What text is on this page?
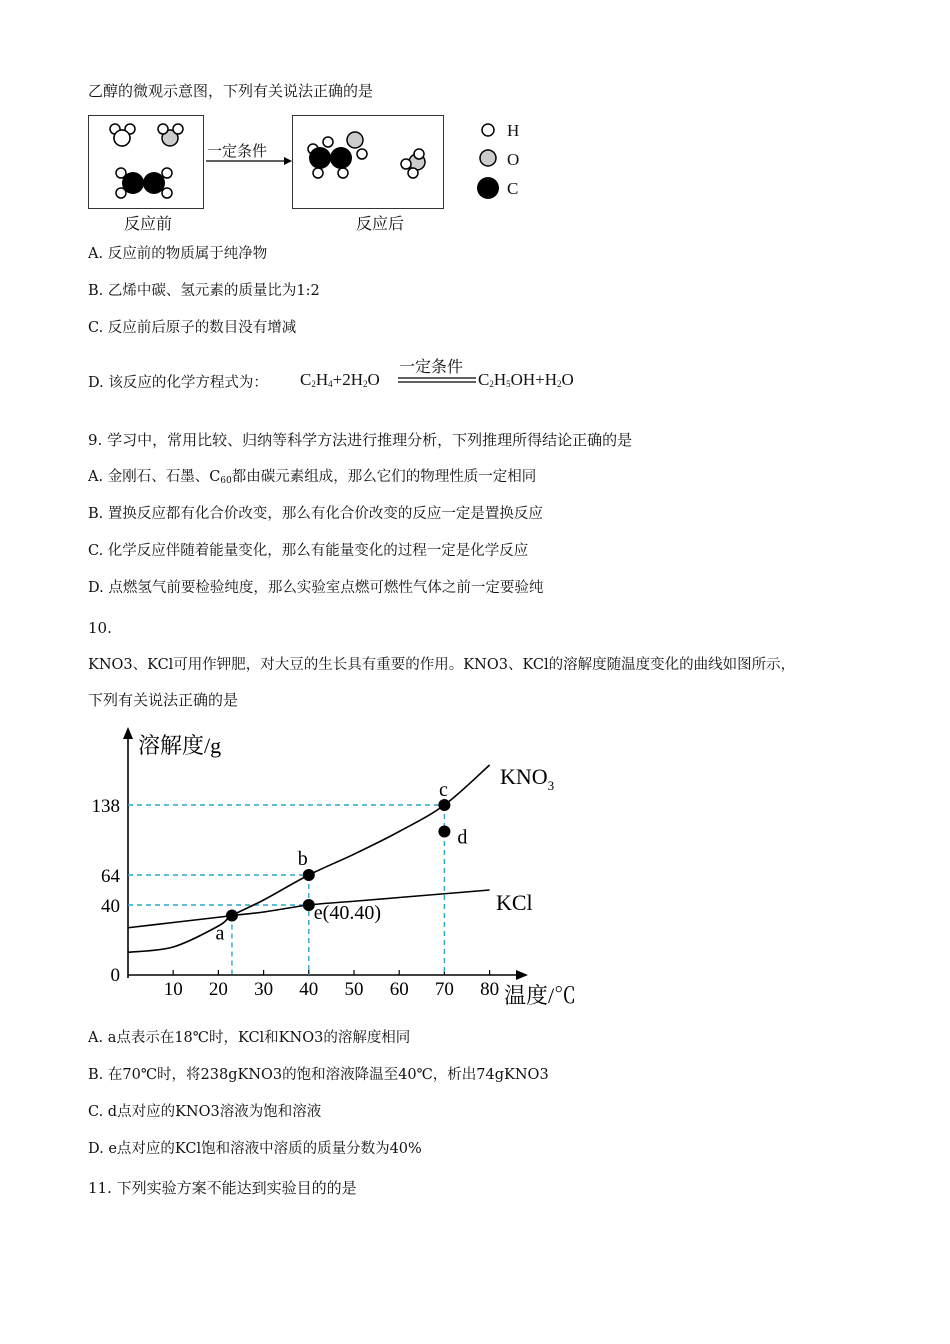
乙醇的微观示意图，下列有关说法正确的是
反应前
一定条件
反应后
H
O
C
A. 反应前的物质属于纯净物
B. 乙烯中碳、氢元素的质量比为1:2
C. 反应前后原子的数目没有增减
D. 该反应的化学方程式为： $C_2H_4+2H_2O$
一定条件
$C_2H_5OH+H_2O$
9. 学习中，常用比较、归纳等科学方法进行推理分析，下列推理所得结论正确的是
A. 金刚石、石墨、$C_{60}$都由碳元素组成，那么它们的物理性质一定相同
B. 置换反应都有化合价改变，那么有化合价改变的反应一定是置换反应
C. 化学反应伴随着能量变化，那么有能量变化的过程一定是化学反应
D. 点燃氢气前要检验纯度，那么实验室点燃可燃性气体之前一定要验纯
10.
KNO3、KCl可用作钾肥，对大豆的生长具有重要的作用。KNO3、KCl的溶解度随温度变化的曲线如图所示，
下列有关说法正确的是
溶解度/g
温度/℃
10 20 30 40 50 60 70 80
0
40
64
138
a
b
c
d
e(40.40)
$KNO_3$
KCl
A. a点表示在18℃时，KCl和KNO3的溶解度相同
B. 在70℃时，将238gKNO3的饱和溶液降温至40℃，析出74gKNO3
C. d点对应的KNO3溶液为饱和溶液
D. e点对应的KCl饱和溶液中溶质的质量分数为40%
11. 下列实验方案不能达到实验目的的是
